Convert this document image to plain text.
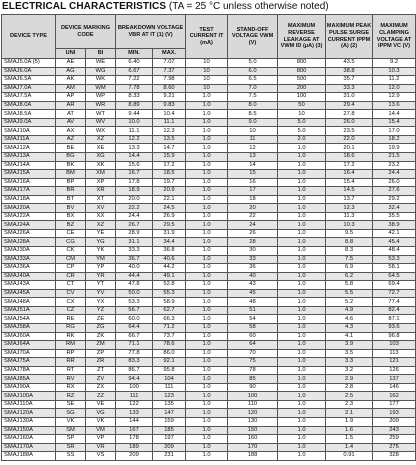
ELECTRICAL CHARACTERISTICS (TA = 25 °C unless otherwise noted)
DEVICE TYPE	DEVICE MARKING CODE		BREAKDOWN VOLTAGE VBR AT IT (1) (V)		TEST CURRENT IT (mA)	STAND-OFF VOLTAGE VWM (V)	MAXIMUM REVERSE LEAKAGE AT VWM ID (µA) (3)	MAXIMUM PEAK PULSE SURGE CURRENT IPPM (A) (2)	MAXIMUM CLAMPING VOLTAGE AT IPPM VC (V)
	UNI	BI	MIN.	MAX.					
SMAJ5.0A (5)	AE	WE	6.40	7.07	10	5.0	800	43.5	9.2
SMAJ6.0A	AG	WG	6.67	7.37	10	6.0	800	38.8	10.3
SMAJ6.5A	AK	WK	7.22	7.98	10	6.5	500	35.7	11.2
SMAJ7.0A	AM	WM	7.78	8.60	10	7.0	200	33.3	12.0
SMAJ7.5A	AP	WP	8.33	9.21	1.0	7.5	100	31.0	12.9
SMAJ8.0A	AR	WR	8.89	9.83	1.0	8.0	50	29.4	13.6
SMAJ8.5A	AT	WT	9.44	10.4	1.0	8.5	10	27.8	14.4
SMAJ9.0A	AV	WV	10.0	11.1	1.0	9.0	5.0	26.0	15.4
SMAJ10A	AX	WX	11.1	12.3	1.0	10	5.0	23.5	17.0
SMAJ11A	AZ	XZ	12.2	13.5	1.0	11	2.0	22.0	18.2
SMAJ12A	BE	XE	13.3	14.7	1.0	12	1.0	20.1	19.9
SMAJ13A	BG	XG	14.4	15.9	1.0	13	1.0	18.6	21.5
SMAJ14A	BK	XK	15.6	17.2	1.0	14	1.0	17.2	23.2
SMAJ15A	BM	XM	16.7	18.5	1.0	15	1.0	16.4	24.4
SMAJ16A	BP	XP	17.8	19.7	1.0	16	1.0	15.4	26.0
SMAJ17A	BR	XR	18.9	20.9	1.0	17	1.0	14.5	27.6
SMAJ18A	BT	XT	20.0	22.1	1.0	18	1.0	13.7	29.2
SMAJ20A	BV	XV	22.2	24.5	1.0	20	1.0	12.3	32.4
SMAJ22A	BX	XX	24.4	26.9	1.0	22	1.0	11.3	35.5
SMAJ24A	BZ	XZ	26.7	29.5	1.0	24	1.0	10.3	38.9
SMAJ26A	CE	YE	28.9	31.9	1.0	26	1.0	9.5	42.1
SMAJ28A	CG	YG	31.1	34.4	1.0	28	1.0	8.8	45.4
SMAJ30A	CK	YK	33.3	36.8	1.0	30	1.0	8.3	48.4
SMAJ33A	CM	YM	36.7	40.6	1.0	33	1.0	7.5	53.3
SMAJ36A	CP	YP	40.0	44.2	1.0	36	1.0	6.9	58.1
SMAJ40A	CR	YR	44.4	49.1	1.0	40	1.0	6.2	64.5
SMAJ43A	CT	YT	47.8	52.8	1.0	43	1.0	5.8	69.4
SMAJ45A	CV	YV	50.0	55.3	1.0	45	1.0	5.5	72.7
SMAJ48A	CX	YX	53.3	58.9	1.0	48	1.0	5.2	77.4
SMAJ51A	CZ	YZ	56.7	62.7	1.0	51	1.0	4.9	82.4
SMAJ54A	RE	ZE	60.0	66.3	1.0	54	1.0	4.6	87.1
SMAJ58A	RG	ZG	64.4	71.2	1.0	58	1.0	4.3	93.6
SMAJ60A	RK	ZK	66.7	73.7	1.0	60	1.0	4.1	96.8
SMAJ64A	RM	ZM	71.1	78.6	1.0	64	1.0	3.9	103
SMAJ70A	RP	ZP	77.8	86.0	1.0	70	1.0	3.5	113
SMAJ75A	RR	ZR	83.3	92.1	1.0	75	1.0	3.3	121
SMAJ78A	RT	ZT	86.7	95.8	1.0	78	1.0	3.2	126
SMAJ85A	RV	ZV	94.4	104	1.0	85	1.0	2.9	137
SMAJ90A	RX	ZX	100	111	1.0	90	1.0	2.8	146
SMAJ100A	RZ	ZZ	111	123	1.0	100	1.0	2.5	162
SMAJ110A	SE	VE	122	135	1.0	110	1.0	2.3	177
SMAJ120A	SG	VG	133	147	1.0	120	1.0	2.1	193
SMAJ130A	VK	VK	144	159	1.0	130	1.0	1.9	209
SMAJ150A	SM	VM	167	185	1.0	150	1.0	1.6	243
SMAJ160A	SP	VP	178	197	1.0	160	1.0	1.5	259
SMAJ170A	SR	VR	189	209	1.0	170	1.0	1.4	275
SMAJ188A	SS	VS	209	231	1.0	188	1.0	0.91	328
